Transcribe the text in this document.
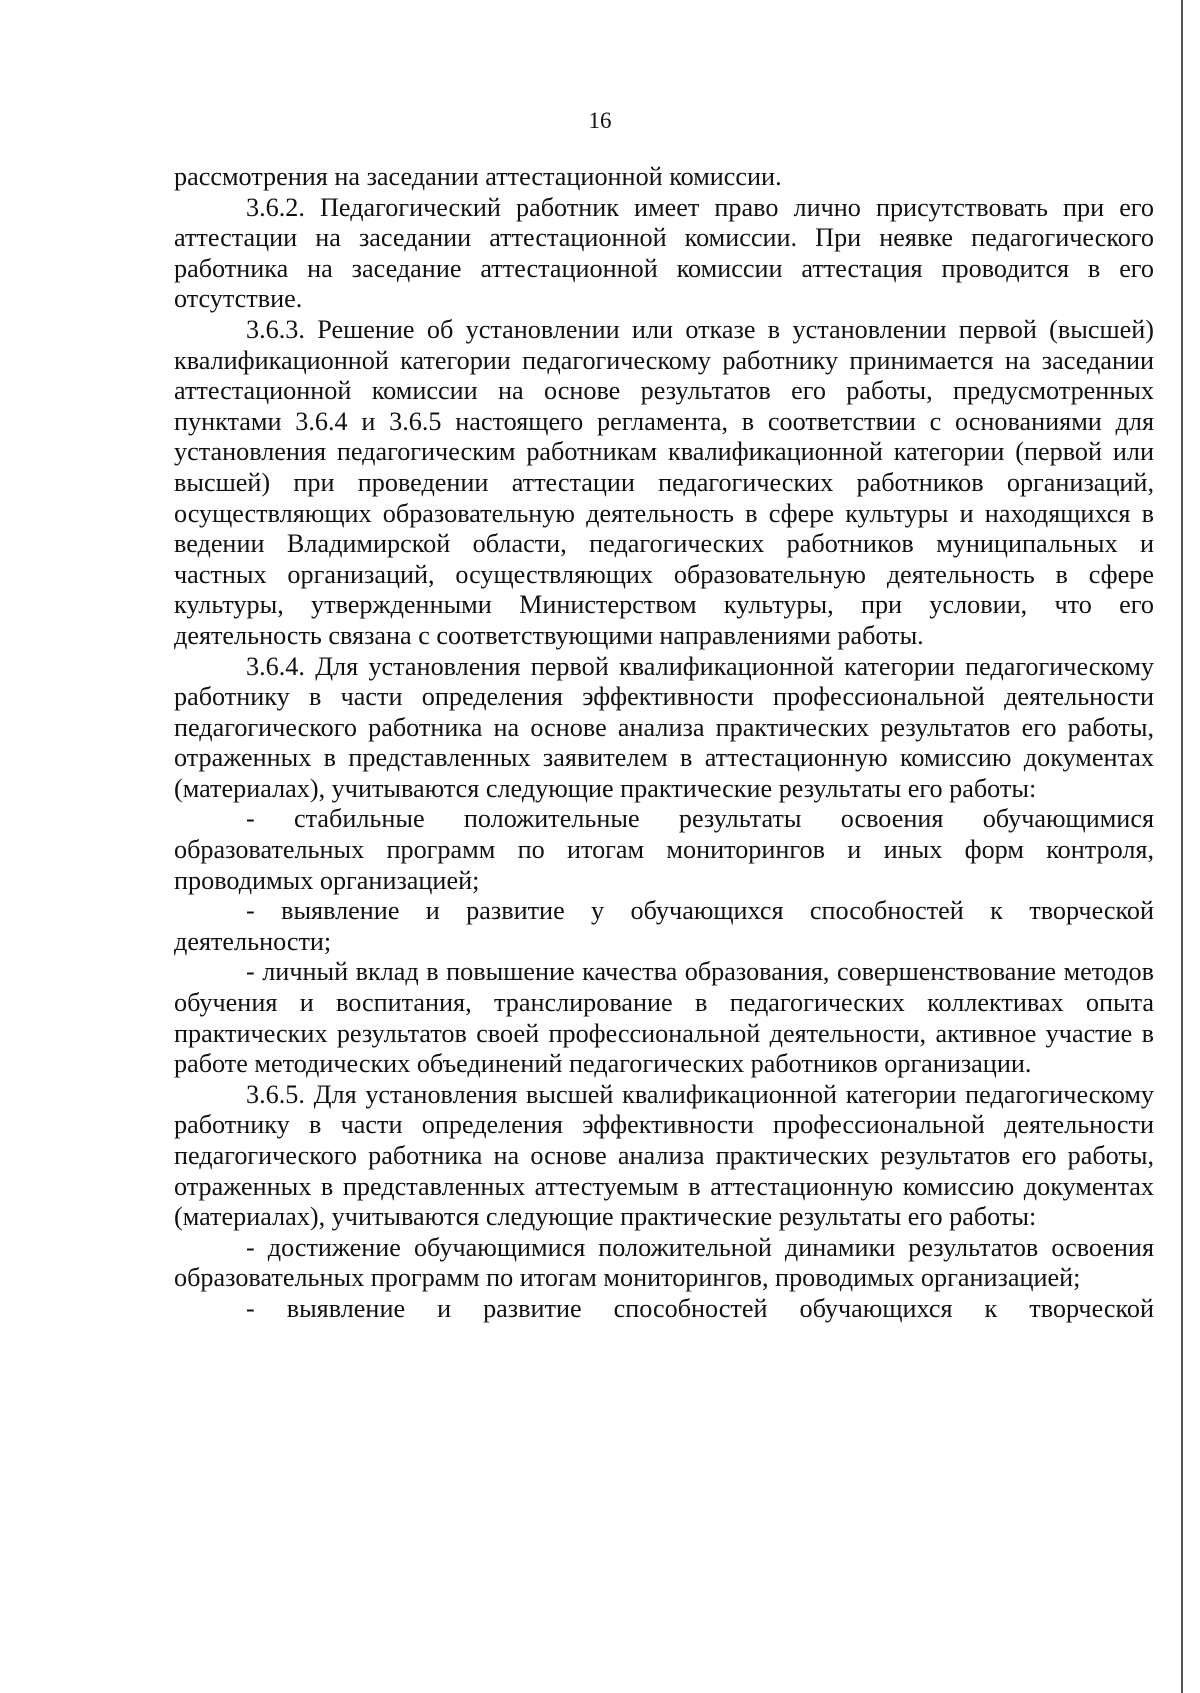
16

рассмотрения на заседании аттестационной комиссии.

3.6.2. Педагогический работник имеет право лично присутствовать при его аттестации на заседании аттестационной комиссии. При неявке педагогического работника на заседание аттестационной комиссии аттестация проводится в его отсутствие.

3.6.3. Решение об установлении или отказе в установлении первой (высшей) квалификационной категории педагогическому работнику принимается на заседании аттестационной комиссии на основе результатов его работы, предусмотренных пунктами 3.6.4 и 3.6.5 настоящего регламента, в соответствии с основаниями для установления педагогическим работникам квалификационной категории (первой или высшей) при проведении аттестации педагогических работников организаций, осуществляющих образовательную деятельность в сфере культуры и находящихся в ведении Владимирской области, педагогических работников муниципальных и частных организаций, осуществляющих образовательную деятельность в сфере культуры, утвержденными Министерством культуры, при условии, что его деятельность связана с соответствующими направлениями работы.

3.6.4. Для установления первой квалификационной категории педагогическому работнику в части определения эффективности профессиональной деятельности педагогического работника на основе анализа практических результатов его работы, отраженных в представленных заявителем в аттестационную комиссию документах (материалах), учитываются следующие практические результаты его работы:

- стабильные положительные результаты освоения обучающимися образовательных программ по итогам мониторингов и иных форм контроля, проводимых организацией;

- выявление и развитие у обучающихся способностей к творческой деятельности;

- личный вклад в повышение качества образования, совершенствование методов обучения и воспитания, транслирование в педагогических коллективах опыта практических результатов своей профессиональной деятельности, активное участие в работе методических объединений педагогических работников организации.

3.6.5. Для установления высшей квалификационной категории педагогическому работнику в части определения эффективности профессиональной деятельности педагогического работника на основе анализа практических результатов его работы, отраженных в представленных аттестуемым в аттестационную комиссию документах (материалах), учитываются следующие практические результаты его работы:

- достижение обучающимися положительной динамики результатов освоения образовательных программ по итогам мониторингов, проводимых организацией;

- выявление и развитие способностей обучающихся к творческой
